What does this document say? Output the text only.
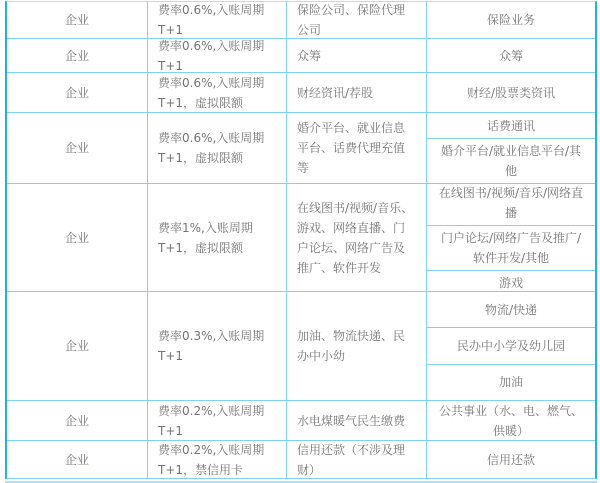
企业
费率0.6%,入账周期T+1
保险公司、保险代理公司
保险业务
企业
费率0.6%,入账周期T+1
众筹	众筹
企业
费率0.6%,入账周期T+1，虚拟限额
财经资讯/荐股	财经/股票类资讯
企业
费率0.6%,入账周期T+1，虚拟限额
婚介平台、就业信息平台、话费代理充值等
话费通讯
婚介平台/就业信息平台/其他
企业
费率1%,入账周期T+1，虚拟限额
在线图书/视频/音乐、游戏、网络直播、门户论坛、网络广告及推广、软件开发
在线图书/视频/音乐/网络直播
门户论坛/网络广告及推广/软件开发/其他
游戏
企业
费率0.3%,入账周期T+1
加油、物流快递、民办中小幼
物流/快递
民办中小学及幼儿园
加油
企业
费率0.2%,入账周期T+1
水电煤暖气民生缴费
公共事业（水、电、燃气、供暖）
企业
费率0.2%,入账周期T+1，禁信用卡
信用还款（不涉及理财）
信用还款
